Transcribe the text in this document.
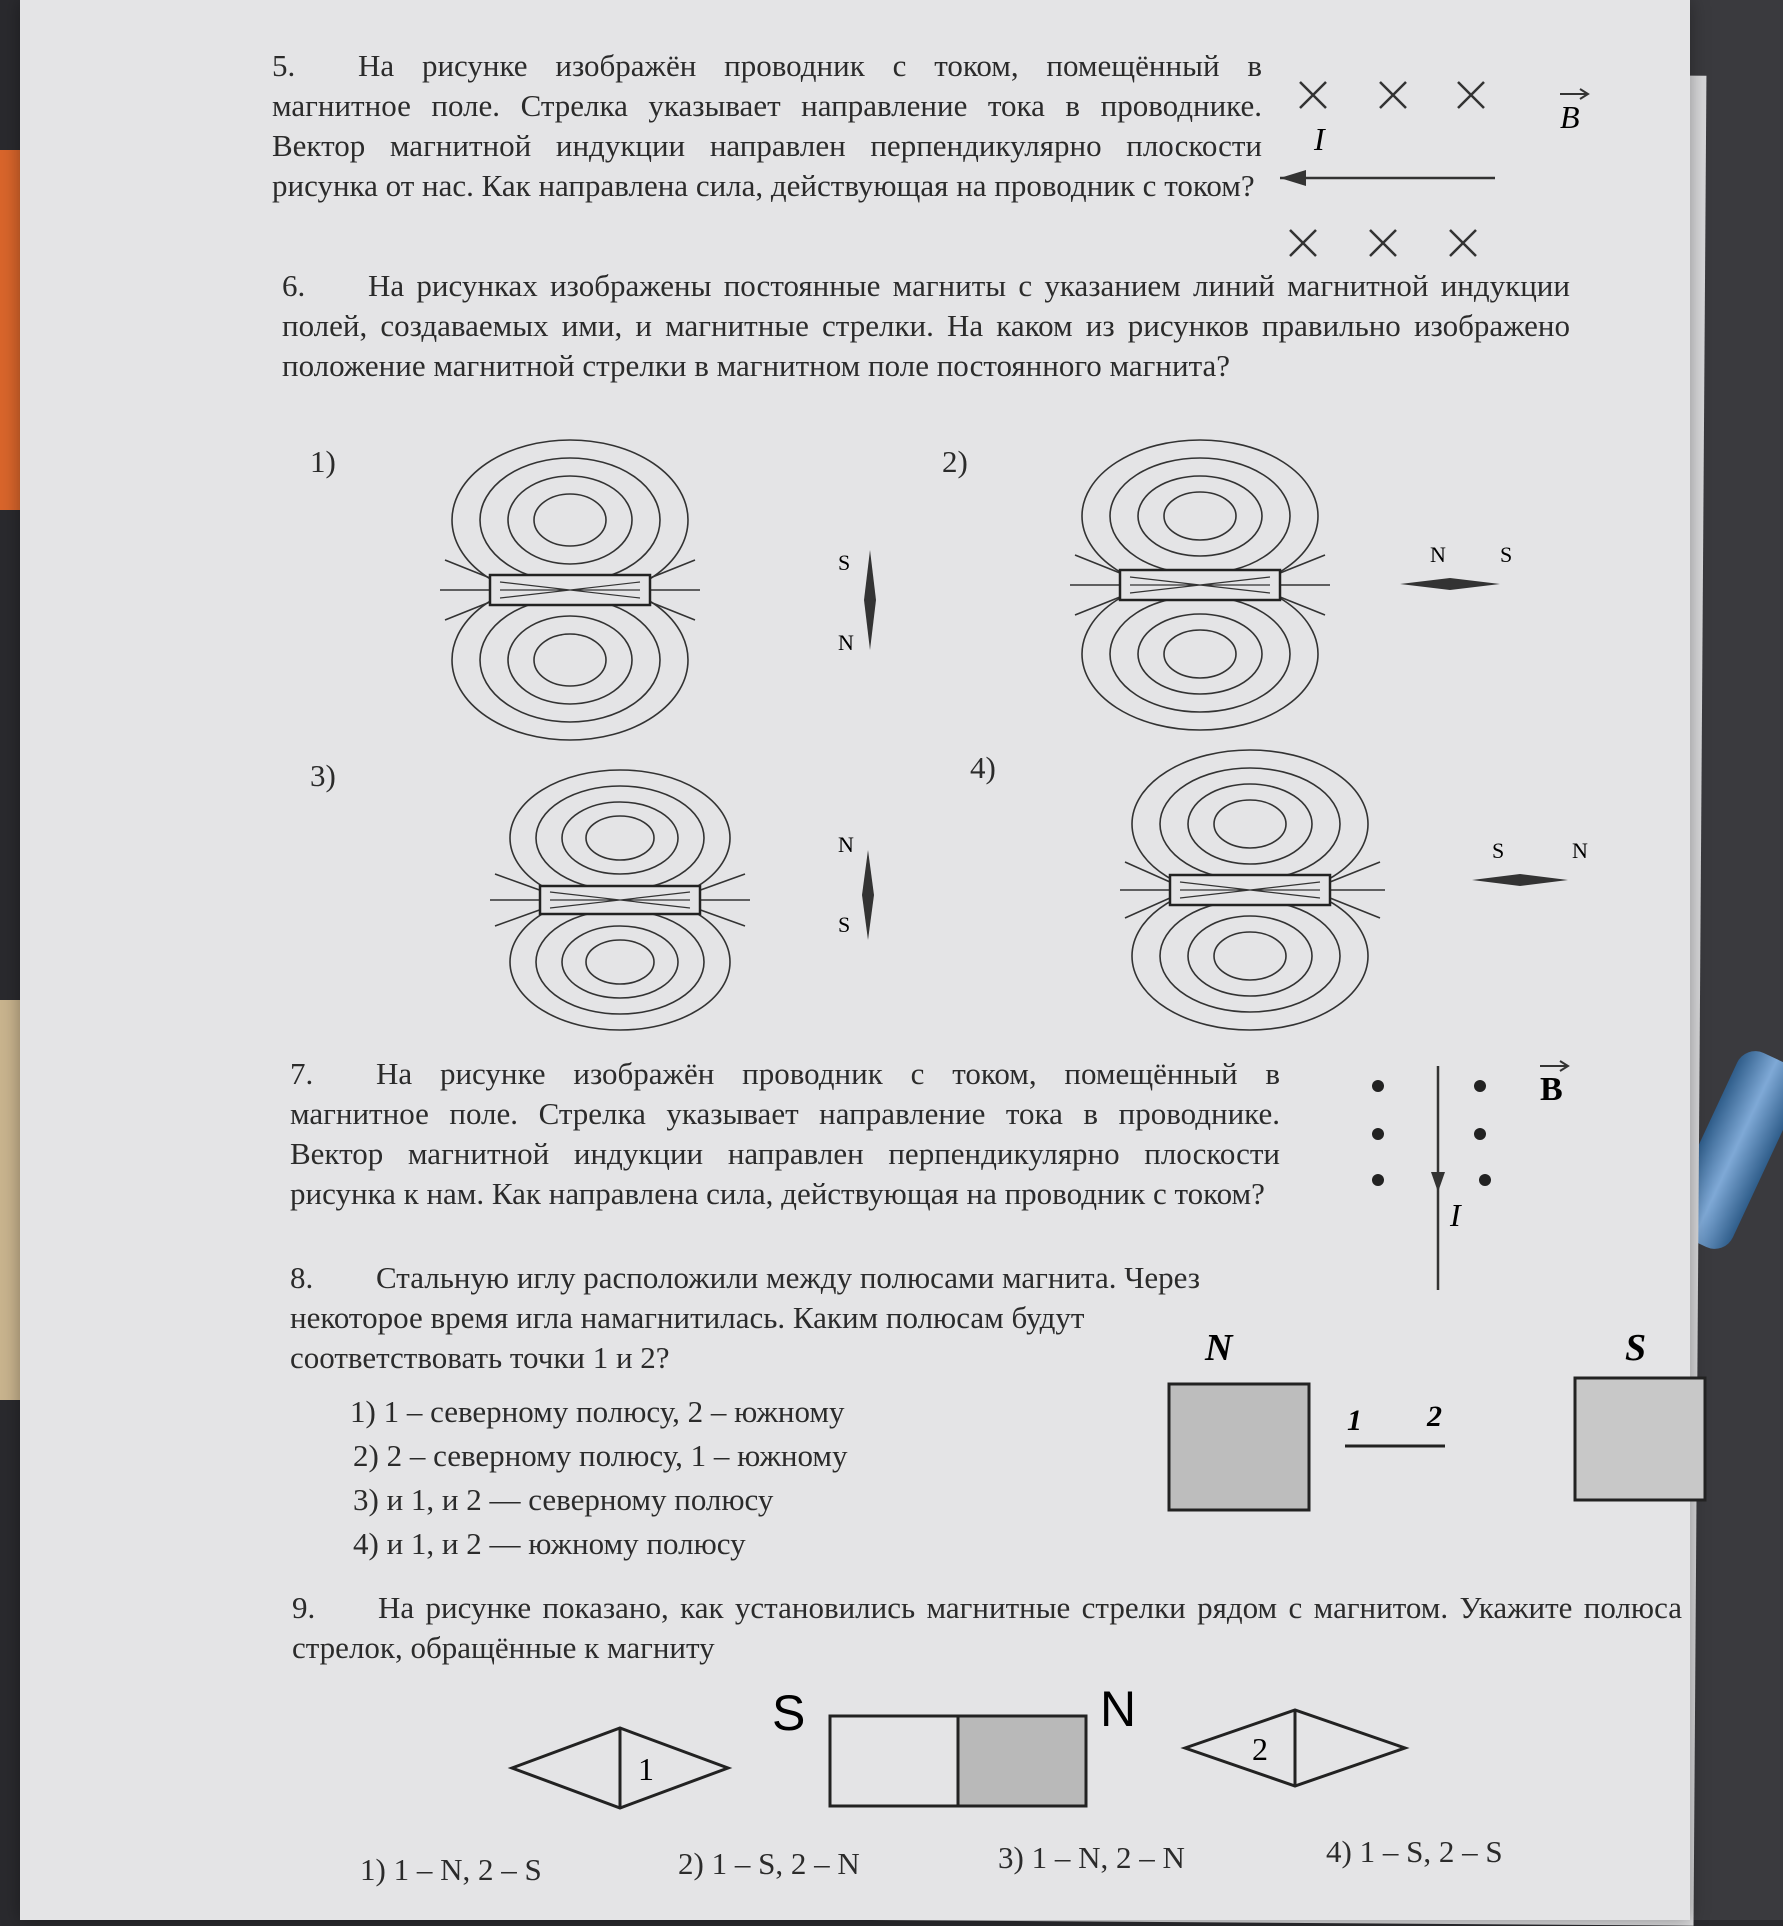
5. На рисунке изображён проводник с током, помещённый в магнитное поле. Стрелка указывает направление тока в проводнике. Вектор магнитной индукции направлен перпендикулярно плоскости рисунка от нас. Как направлена сила, действующая на проводник с током?
I
B
6. На рисунках изображены постоянные магниты с указанием линий магнитной индукции полей, создаваемых ими, и магнитные стрелки. На каком из рисунков правильно изображено положение магнитной стрелки в магнитном поле постоянного магнита?
1)
S
N
2)
N S
3)
N
S
4)
S	N
7. На рисунке изображён проводник с током, помещённый в магнитное поле. Стрелка указывает направление тока в проводнике. Вектор магнитной индукции направлен перпендикулярно плоскости рисунка к нам. Как направлена сила, действующая на проводник с током?
I
B
8. Стальную иглу расположили между полюсами магнита. Через некоторое время игла намагнитилась. Каким полюсам будут соответствовать точки 1 и 2?
1) 1 – северному полюсу, 2 – южному
2) 2 – северному полюсу, 1 – южному
3) и 1, и 2 — северному полюсу
4) и 1, и 2 — южному полюсу
N	S
1 2
9. На рисунке показано, как установились магнитные стрелки рядом с магнитом. Укажите полюса стрелок, обращённые к магниту
1
S	N
2
1) 1 – N, 2 – S	2) 1 – S, 2 – N	3) 1 – N, 2 – N	4) 1 – S, 2 – S
